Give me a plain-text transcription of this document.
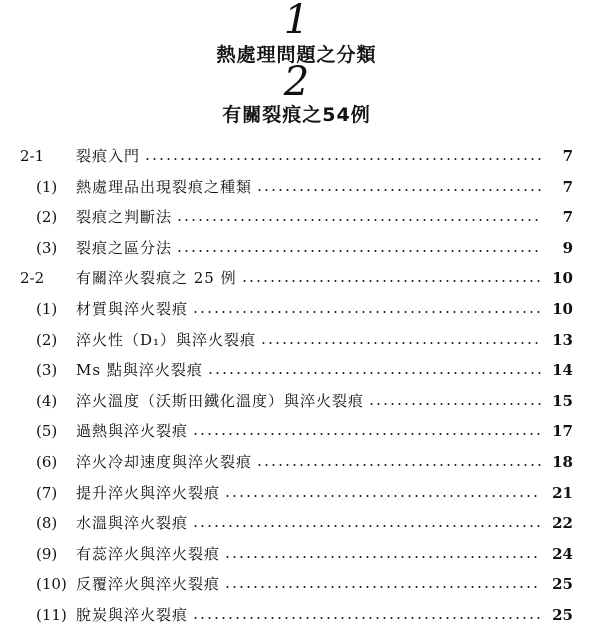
1
熱處理問題之分類
2
有關裂痕之54例
2-1	裂痕入門	7
(1)	熱處理品出現裂痕之種類	7
(2)	裂痕之判斷法	7
(3)	裂痕之區分法	9
2-2	有關淬火裂痕之 25 例	10
(1)	材質與淬火裂痕	10
(2)	淬火性（D₁）與淬火裂痕	13
(3)	Ms 點與淬火裂痕	14
(4)	淬火溫度（沃斯田鐵化溫度）與淬火裂痕	15
(5)	過熱與淬火裂痕	17
(6)	淬火冷却速度與淬火裂痕	18
(7)	提升淬火與淬火裂痕	21
(8)	水溫與淬火裂痕	22
(9)	有蕊淬火與淬火裂痕	24
(10) 反覆淬火與淬火裂痕	25
(11) 脫炭與淬火裂痕	25
